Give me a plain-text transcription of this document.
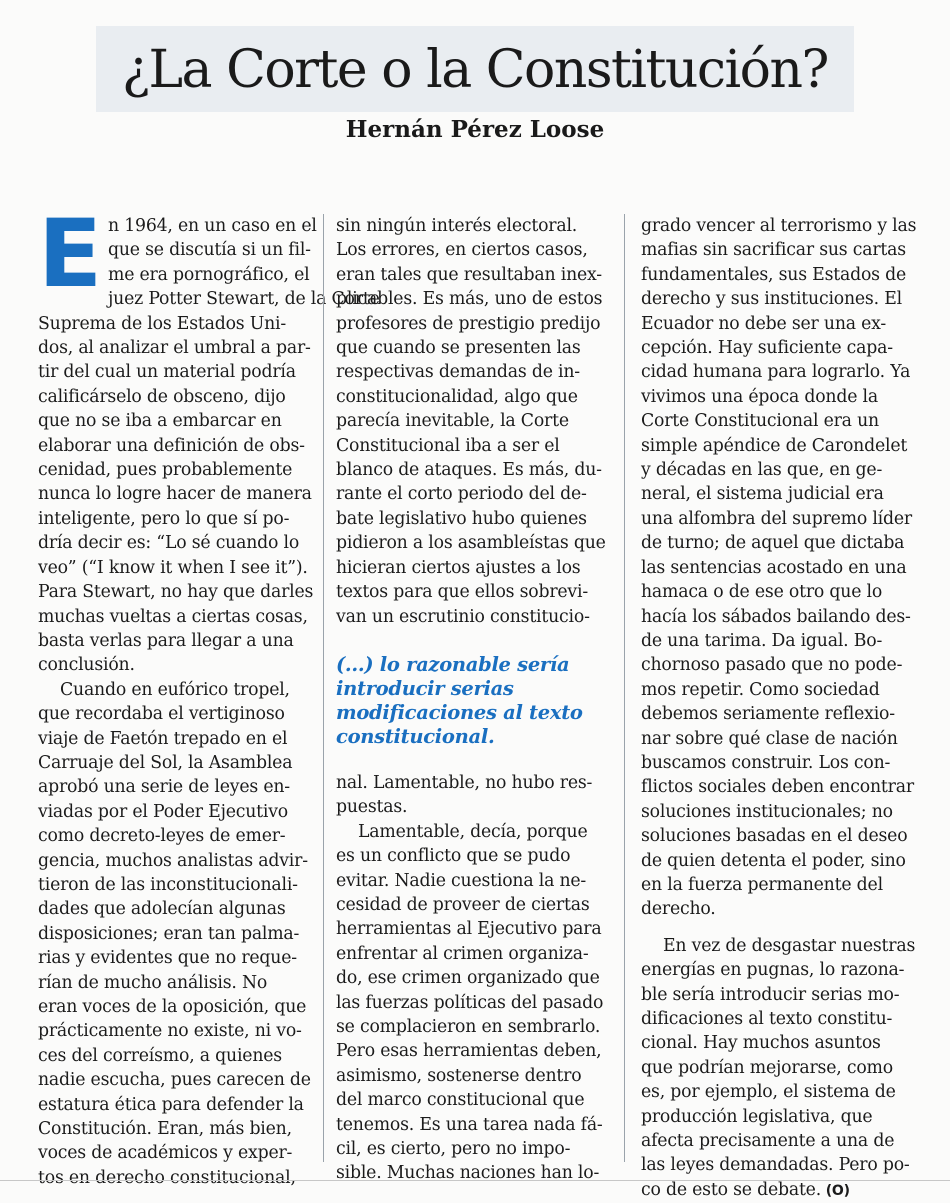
¿La Corte o la Constitución?
Hernán Pérez Loose
E n 1964, en un caso en el
que se discutía si un fil-
me era pornográfico, el
juez Potter Stewart, de la Corte
Suprema de los Estados Uni-
dos, al analizar el umbral a par-
tir del cual un material podría
calificárselo de obsceno, dijo
que no se iba a embarcar en
elaborar una definición de obs-
cenidad, pues probablemente
nunca lo logre hacer de manera
inteligente, pero lo que sí po-
dría decir es: “Lo sé cuando lo
veo” (“I know it when I see it”).
Para Stewart, no hay que darles
muchas vueltas a ciertas cosas,
basta verlas para llegar a una
conclusión.
Cuando en eufórico tropel,
que recordaba el vertiginoso
viaje de Faetón trepado en el
Carruaje del Sol, la Asamblea
aprobó una serie de leyes en-
viadas por el Poder Ejecutivo
como decreto-leyes de emer-
gencia, muchos analistas advir-
tieron de las inconstitucionali-
dades que adolecían algunas
disposiciones; eran tan palma-
rias y evidentes que no reque-
rían de mucho análisis. No
eran voces de la oposición, que
prácticamente no existe, ni vo-
ces del correísmo, a quienes
nadie escucha, pues carecen de
estatura ética para defender la
Constitución. Eran, más bien,
voces de académicos y exper-
tos en derecho constitucional,
sin ningún interés electoral.
Los errores, en ciertos casos,
eran tales que resultaban inex-
plicables. Es más, uno de estos
profesores de prestigio predijo
que cuando se presenten las
respectivas demandas de in-
constitucionalidad, algo que
parecía inevitable, la Corte
Constitucional iba a ser el
blanco de ataques. Es más, du-
rante el corto periodo del de-
bate legislativo hubo quienes
pidieron a los asambleístas que
hicieran ciertos ajustes a los
textos para que ellos sobrevi-
van un escrutinio constitucio-
(...) lo razonable sería
introducir serias
modificaciones al texto
constitucional.
nal. Lamentable, no hubo res-
puestas.
Lamentable, decía, porque
es un conflicto que se pudo
evitar. Nadie cuestiona la ne-
cesidad de proveer de ciertas
herramientas al Ejecutivo para
enfrentar al crimen organiza-
do, ese crimen organizado que
las fuerzas políticas del pasado
se complacieron en sembrarlo.
Pero esas herramientas deben,
asimismo, sostenerse dentro
del marco constitucional que
tenemos. Es una tarea nada fá-
cil, es cierto, pero no impo-
sible. Muchas naciones han lo-
grado vencer al terrorismo y las
mafias sin sacrificar sus cartas
fundamentales, sus Estados de
derecho y sus instituciones. El
Ecuador no debe ser una ex-
cepción. Hay suficiente capa-
cidad humana para lograrlo. Ya
vivimos una época donde la
Corte Constitucional era un
simple apéndice de Carondelet
y décadas en las que, en ge-
neral, el sistema judicial era
una alfombra del supremo líder
de turno; de aquel que dictaba
las sentencias acostado en una
hamaca o de ese otro que lo
hacía los sábados bailando des-
de una tarima. Da igual. Bo-
chornoso pasado que no pode-
mos repetir. Como sociedad
debemos seriamente reflexio-
nar sobre qué clase de nación
buscamos construir. Los con-
flictos sociales deben encontrar
soluciones institucionales; no
soluciones basadas en el deseo
de quien detenta el poder, sino
en la fuerza permanente del
derecho.
En vez de desgastar nuestras
energías en pugnas, lo razona-
ble sería introducir serias mo-
dificaciones al texto constitu-
cional. Hay muchos asuntos
que podrían mejorarse, como
es, por ejemplo, el sistema de
producción legislativa, que
afecta precisamente a una de
las leyes demandadas. Pero po-
co de esto se debate. (O)
